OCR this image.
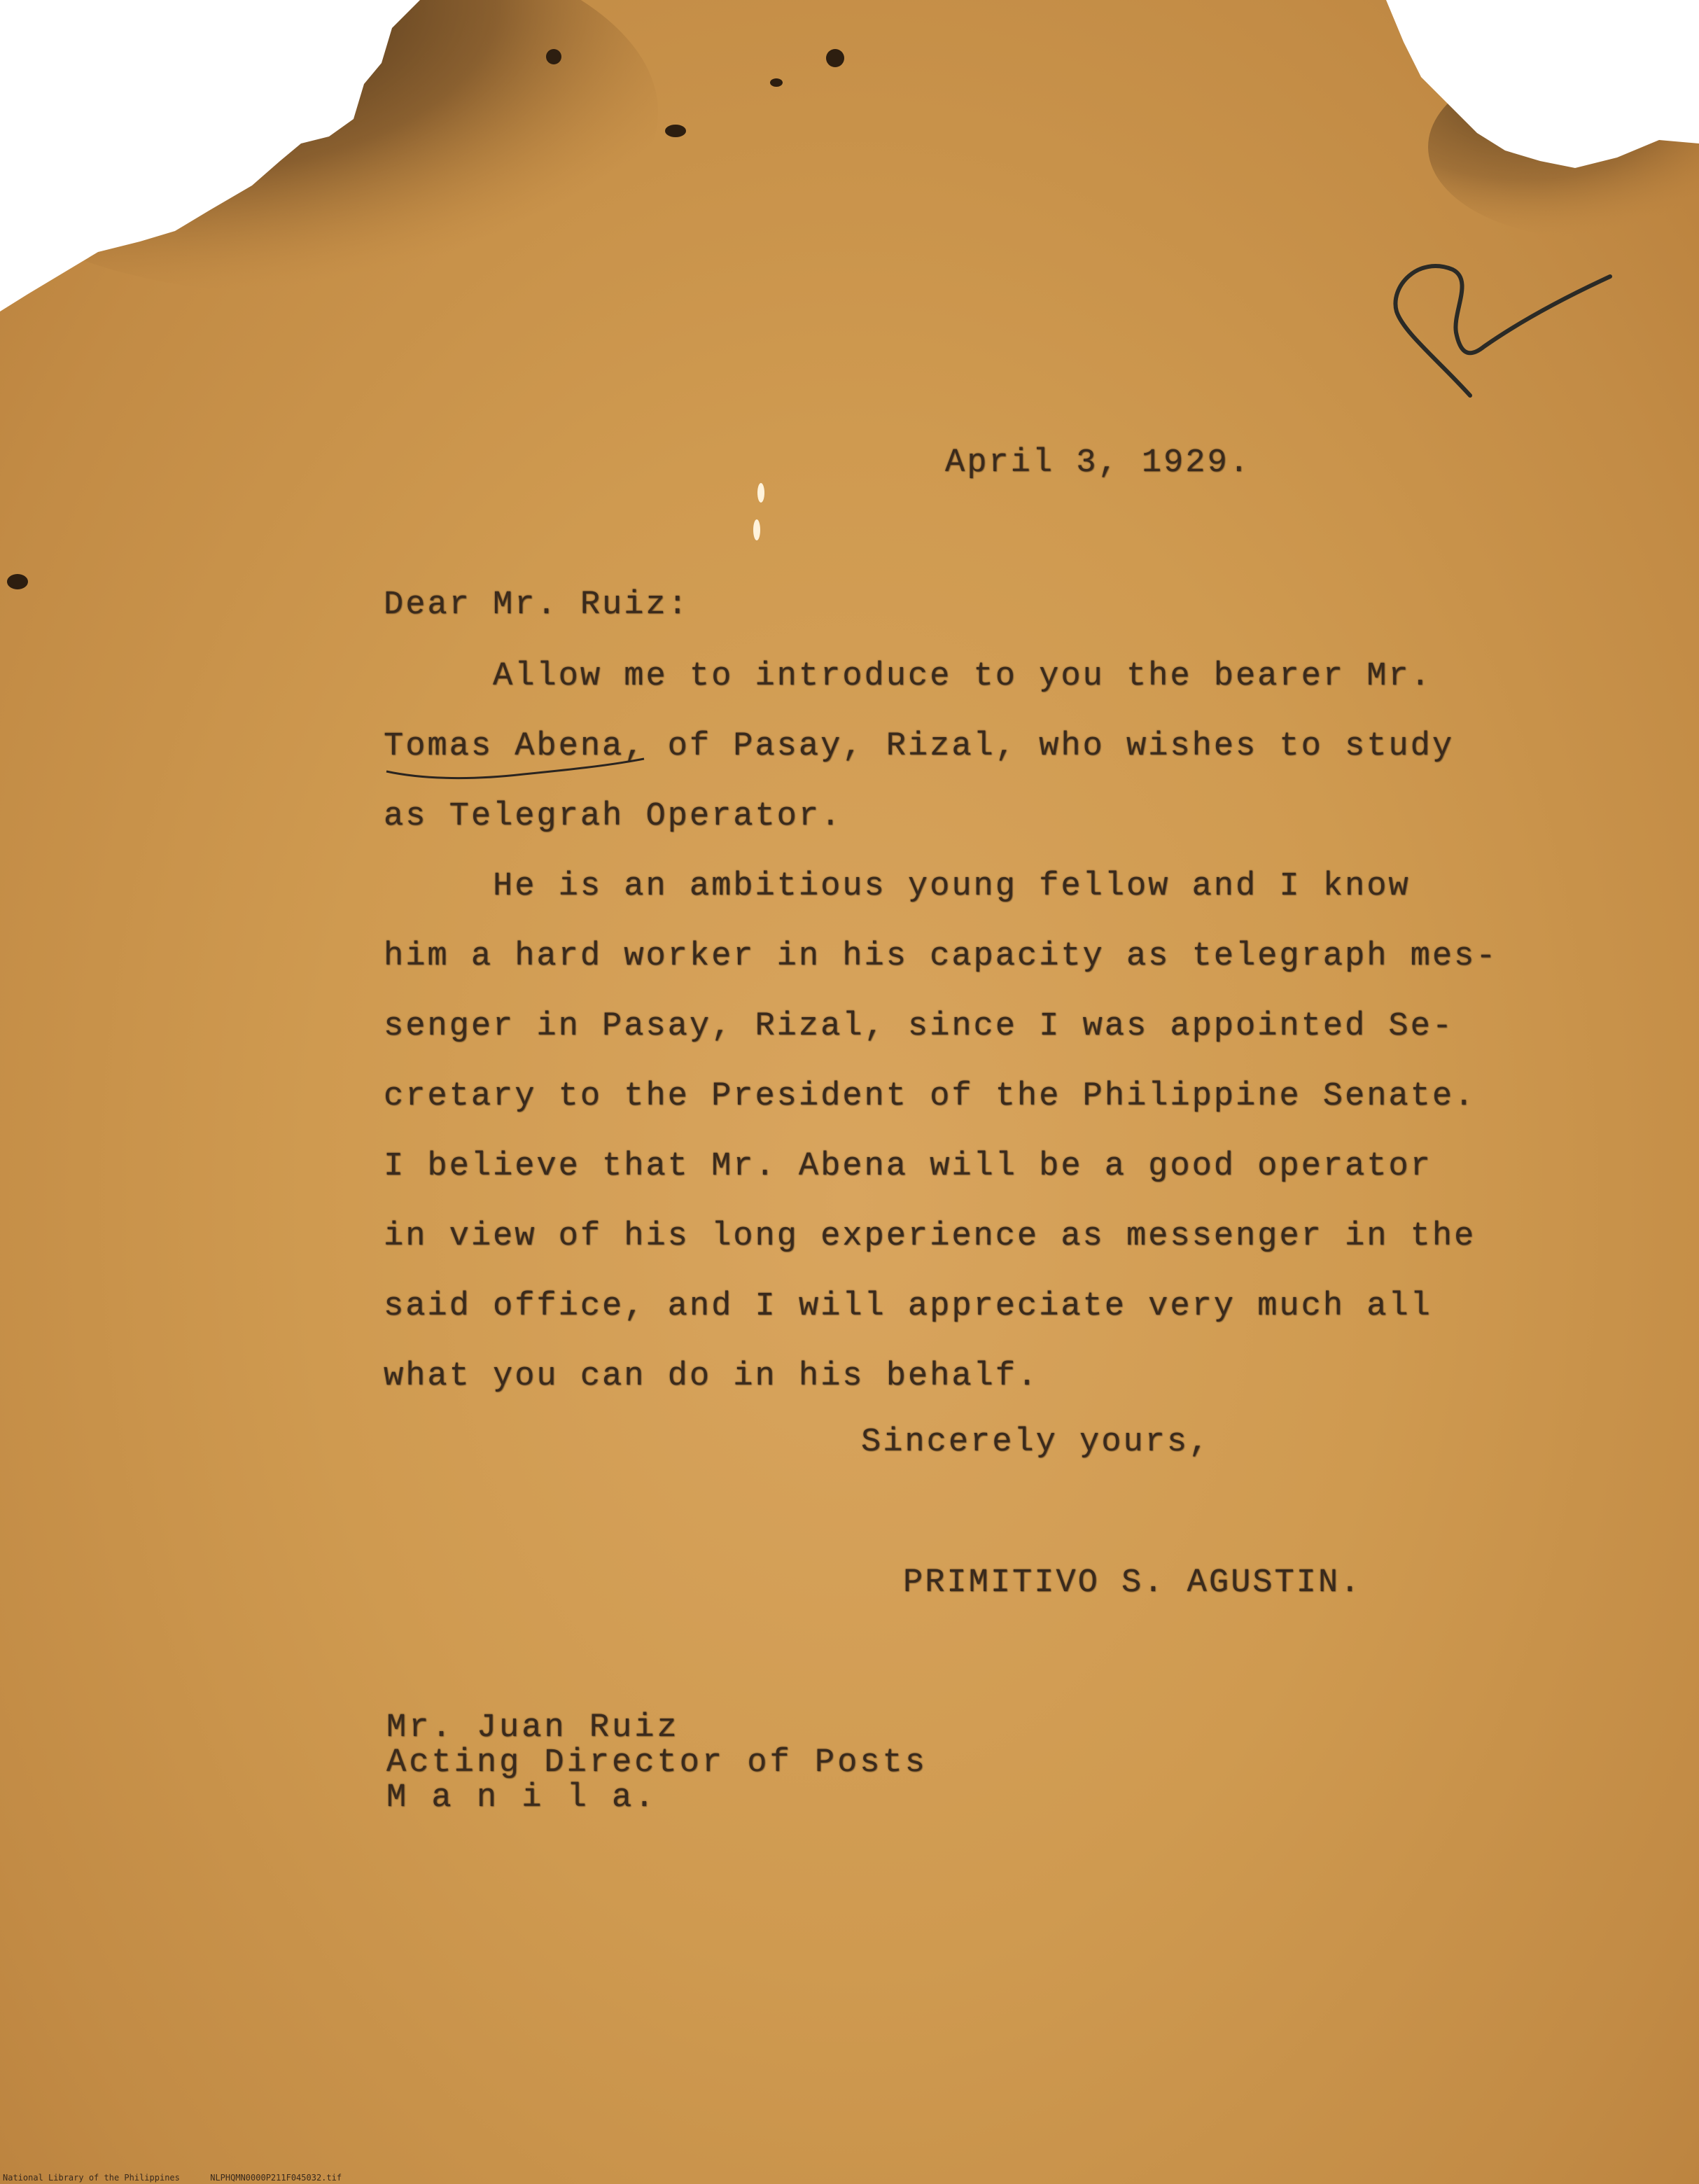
April 3, 1929.
Dear Mr. Ruiz:
Allow me to introduce to you the bearer Mr.
Tomas Abena, of Pasay, Rizal, who wishes to study
as Telegrah Operator.
He is an ambitious young fellow and I know
him a hard worker in his capacity as telegraph mes-
senger in Pasay, Rizal, since I was appointed Se-
cretary to the President of the Philippine Senate.
I believe that Mr. Abena will be a good operator
in view of his long experience as messenger in the
said office, and I will appreciate very much all
what you can do in his behalf.
Sincerely yours,
PRIMITIVO S. AGUSTIN.
Mr. Juan Ruiz
Acting Director of Posts
M a n i l a.
National Library of the Philippines	NLPHQMN0000P211F045032.tif
